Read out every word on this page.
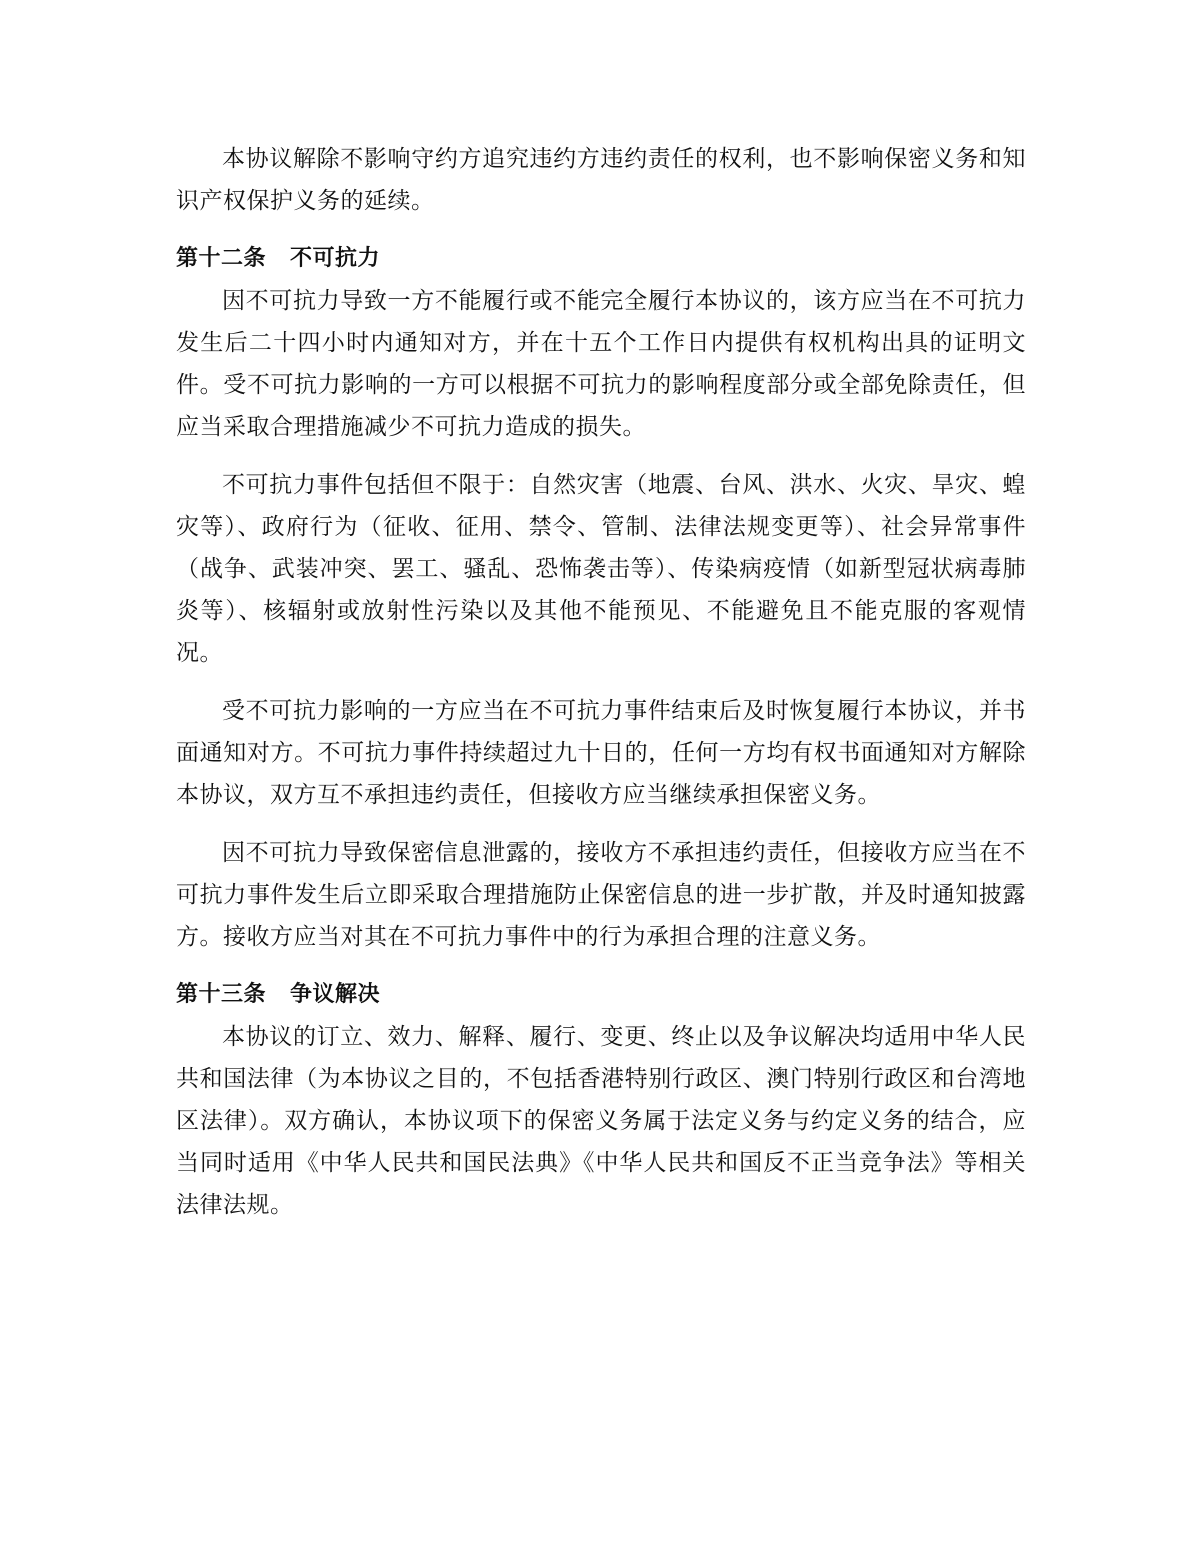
本协议解除不影响守约方追究违约方违约责任的权利，也不影响保密义务和知识产权保护义务的延续。

第十二条 不可抗力

因不可抗力导致一方不能履行或不能完全履行本协议的，该方应当在不可抗力发生后二十四小时内通知对方，并在十五个工作日内提供有权机构出具的证明文件。受不可抗力影响的一方可以根据不可抗力的影响程度部分或全部免除责任，但应当采取合理措施减少不可抗力造成的损失。

不可抗力事件包括但不限于：自然灾害（地震、台风、洪水、火灾、旱灾、蝗灾等）、政府行为（征收、征用、禁令、管制、法律法规变更等）、社会异常事件（战争、武装冲突、罢工、骚乱、恐怖袭击等）、传染病疫情（如新型冠状病毒肺炎等）、核辐射或放射性污染以及其他不能预见、不能避免且不能克服的客观情况。

受不可抗力影响的一方应当在不可抗力事件结束后及时恢复履行本协议，并书面通知对方。不可抗力事件持续超过九十日的，任何一方均有权书面通知对方解除本协议，双方互不承担违约责任，但接收方应当继续承担保密义务。

因不可抗力导致保密信息泄露的，接收方不承担违约责任，但接收方应当在不可抗力事件发生后立即采取合理措施防止保密信息的进一步扩散，并及时通知披露方。接收方应当对其在不可抗力事件中的行为承担合理的注意义务。

第十三条 争议解决

本协议的订立、效力、解释、履行、变更、终止以及争议解决均适用中华人民共和国法律（为本协议之目的，不包括香港特别行政区、澳门特别行政区和台湾地区法律）。双方确认，本协议项下的保密义务属于法定义务与约定义务的结合，应当同时适用《中华人民共和国民法典》《中华人民共和国反不正当竞争法》等相关法律法规。
